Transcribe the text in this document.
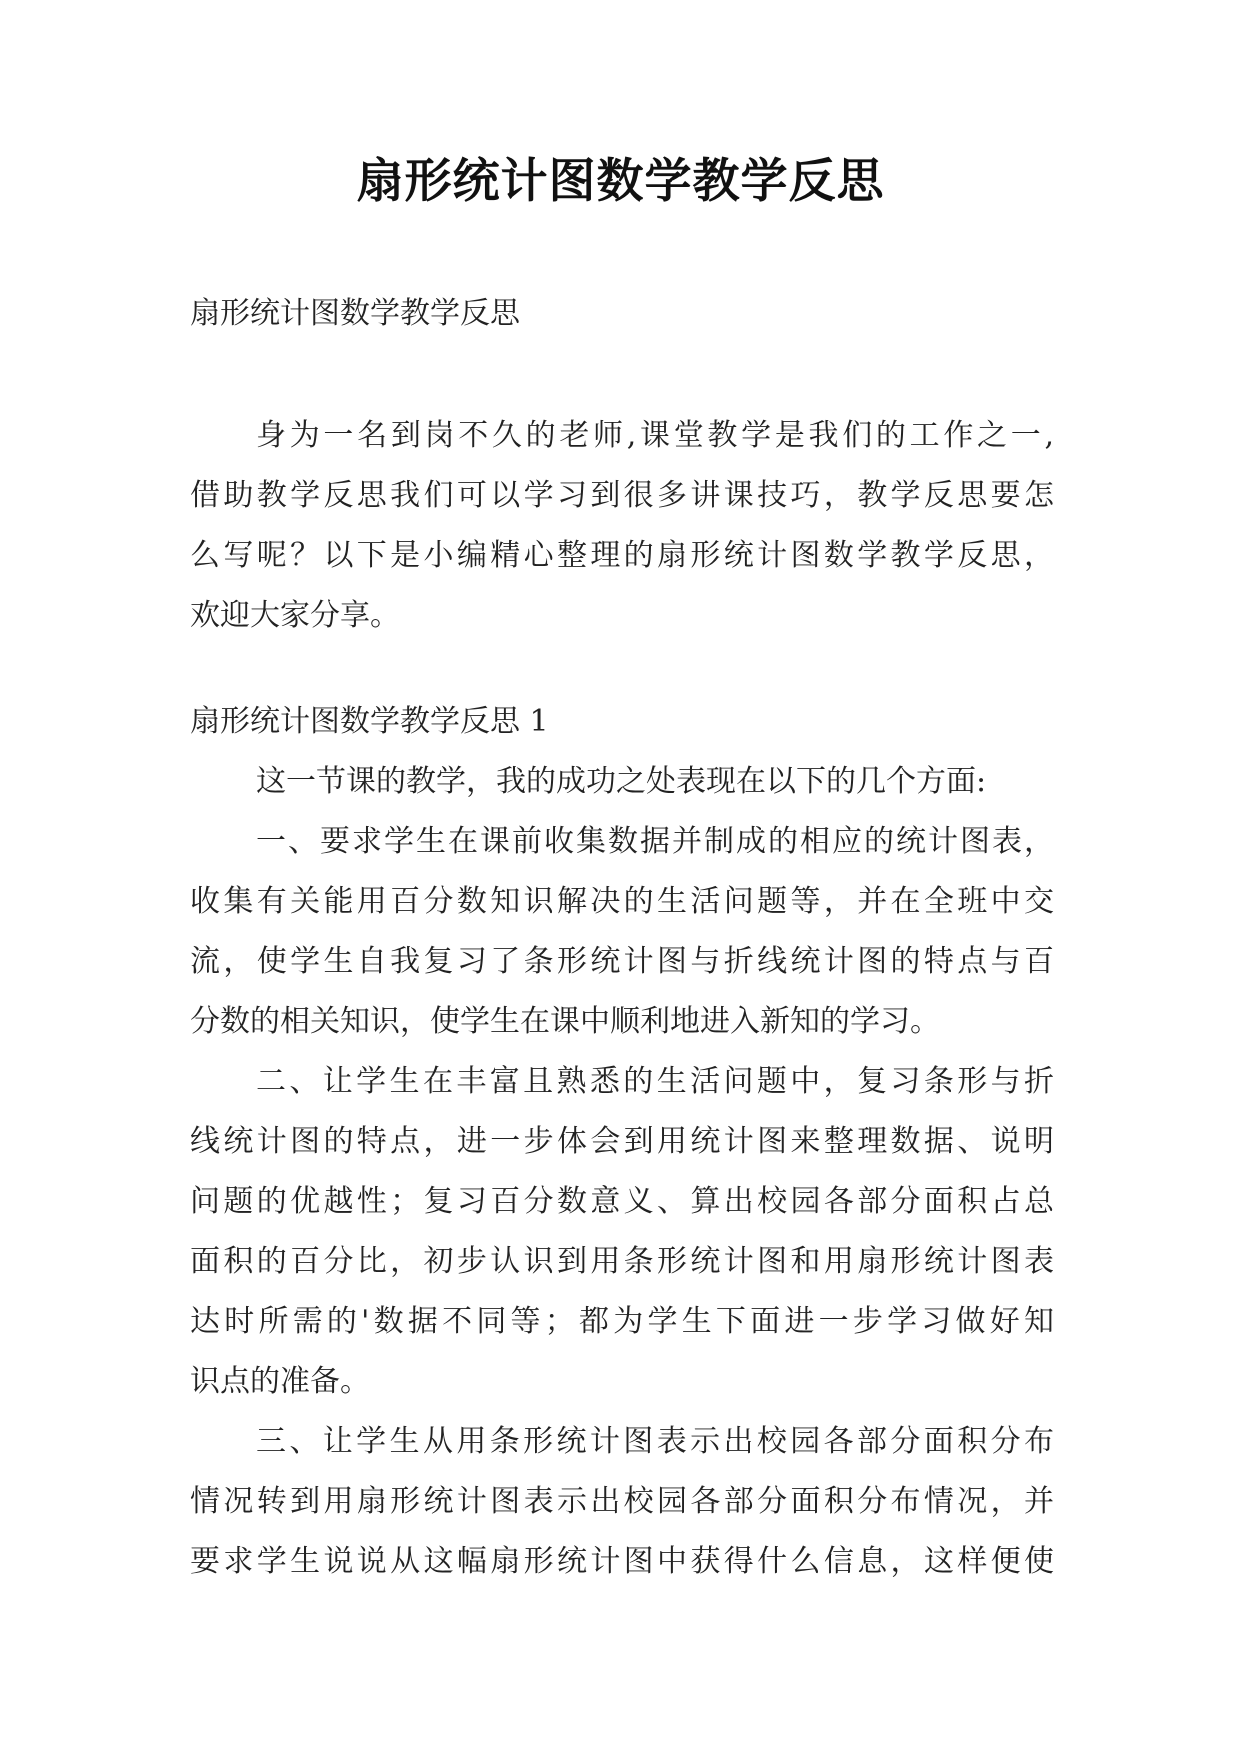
扇形统计图数学教学反思
扇形统计图数学教学反思
身为一名到岗不久的老师,课堂教学是我们的工作之一,
借助教学反思我们可以学习到很多讲课技巧，教学反思要怎
么写呢？以下是小编精心整理的扇形统计图数学教学反思，
欢迎大家分享。
扇形统计图数学教学反思 1
这一节课的教学，我的成功之处表现在以下的几个方面:
一、要求学生在课前收集数据并制成的相应的统计图表，
收集有关能用百分数知识解决的生活问题等，并在全班中交
流，使学生自我复习了条形统计图与折线统计图的特点与百
分数的相关知识，使学生在课中顺利地进入新知的学习。
二、让学生在丰富且熟悉的生活问题中，复习条形与折
线统计图的特点，进一步体会到用统计图来整理数据、说明
问题的优越性；复习百分数意义、算出校园各部分面积占总
面积的百分比，初步认识到用条形统计图和用扇形统计图表
达时所需的'数据不同等；都为学生下面进一步学习做好知
识点的准备。
三、让学生从用条形统计图表示出校园各部分面积分布
情况转到用扇形统计图表示出校园各部分面积分布情况，并
要求学生说说从这幅扇形统计图中获得什么信息，这样便使
